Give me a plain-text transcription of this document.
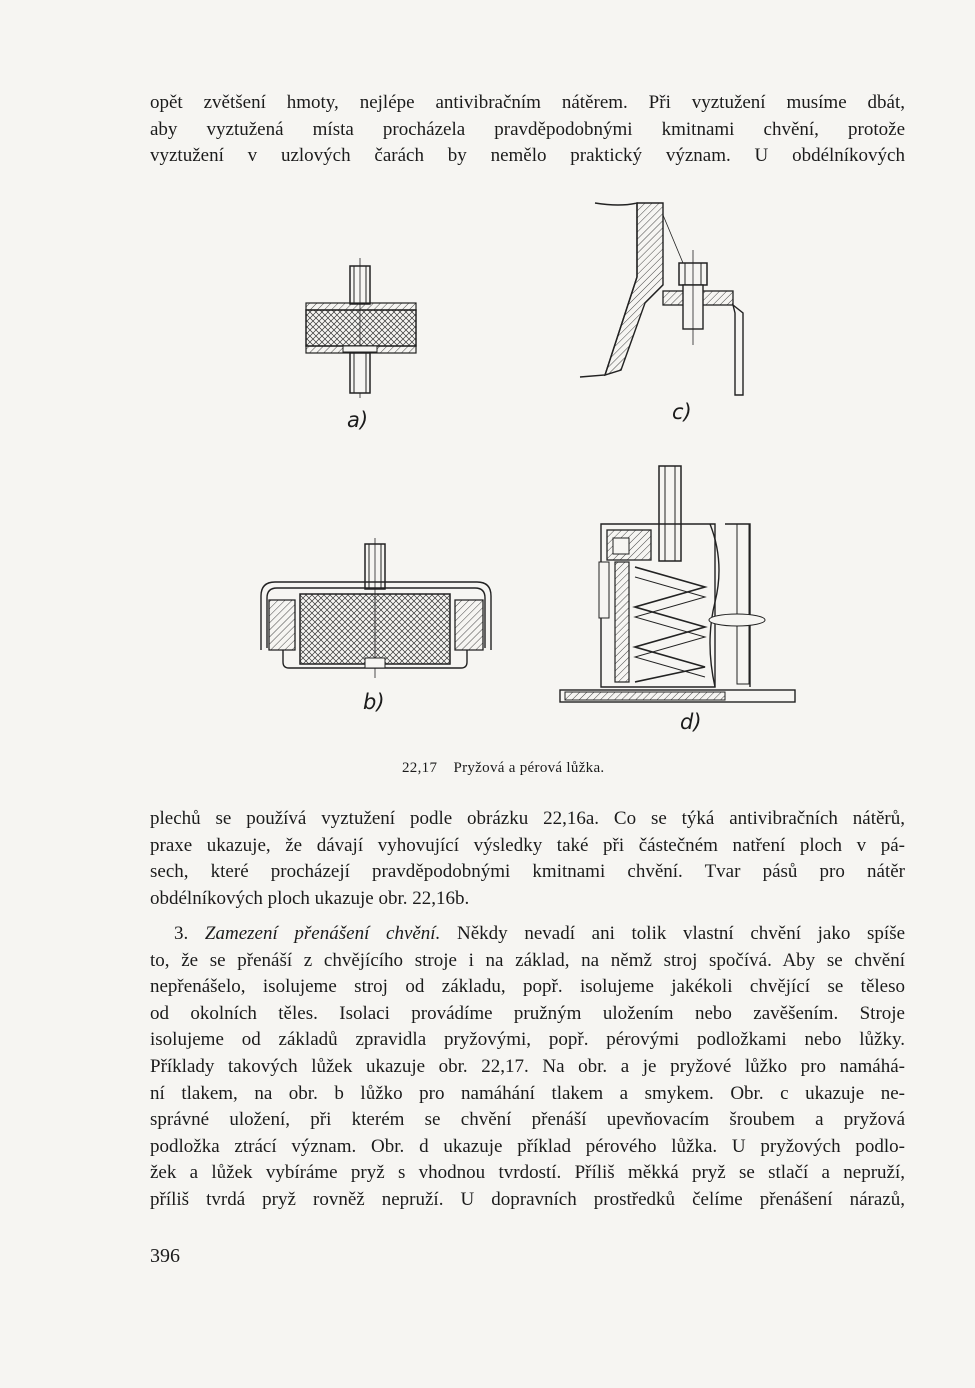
opět zvětšení hmoty, nejlépe antivibračním nátěrem. Při vyztužení musíme dbát,
aby vyztužená místa procházela pravděpodobnými kmitnami chvění, protože
vyztužení v uzlových čarách by nemělo praktický význam. U obdélníkových
a)	c)
b)
d)
22,17    Pryžová a pérová lůžka.
plechů se používá vyztužení podle obrázku 22,16a. Co se týká antivibračních nátěrů,
praxe ukazuje, že dávají vyhovující výsledky také při částečném natření ploch v pá-
sech, které procházejí pravděpodobnými kmitnami chvění. Tvar pásů pro nátěr
obdélníkových ploch ukazuje obr. 22,16b.
3. Zamezení přenášení chvění. Někdy nevadí ani tolik vlastní chvění jako spíše
to, že se přenáší z chvějícího stroje i na základ, na němž stroj spočívá. Aby se chvění
nepřenášelo, isolujeme stroj od základu, popř. isolujeme jakékoli chvějící se těleso
od okolních těles. Isolaci provádíme pružným uložením nebo zavěšením. Stroje
isolujeme od základů zpravidla pryžovými, popř. pérovými podložkami nebo lůžky.
Příklady takových lůžek ukazuje obr. 22,17. Na obr. a je pryžové lůžko pro namáhá-
ní tlakem, na obr. b lůžko pro namáhání tlakem a smykem. Obr. c ukazuje ne-
správné uložení, při kterém se chvění přenáší upevňovacím šroubem a pryžová
podložka ztrácí význam. Obr. d ukazuje příklad pérového lůžka. U pryžových podlo-
žek a lůžek vybíráme pryž s vhodnou tvrdostí. Příliš měkká pryž se stlačí a nepruží,
příliš tvrdá pryž rovněž nepruží. U dopravních prostředků čelíme přenášení nárazů,
396
